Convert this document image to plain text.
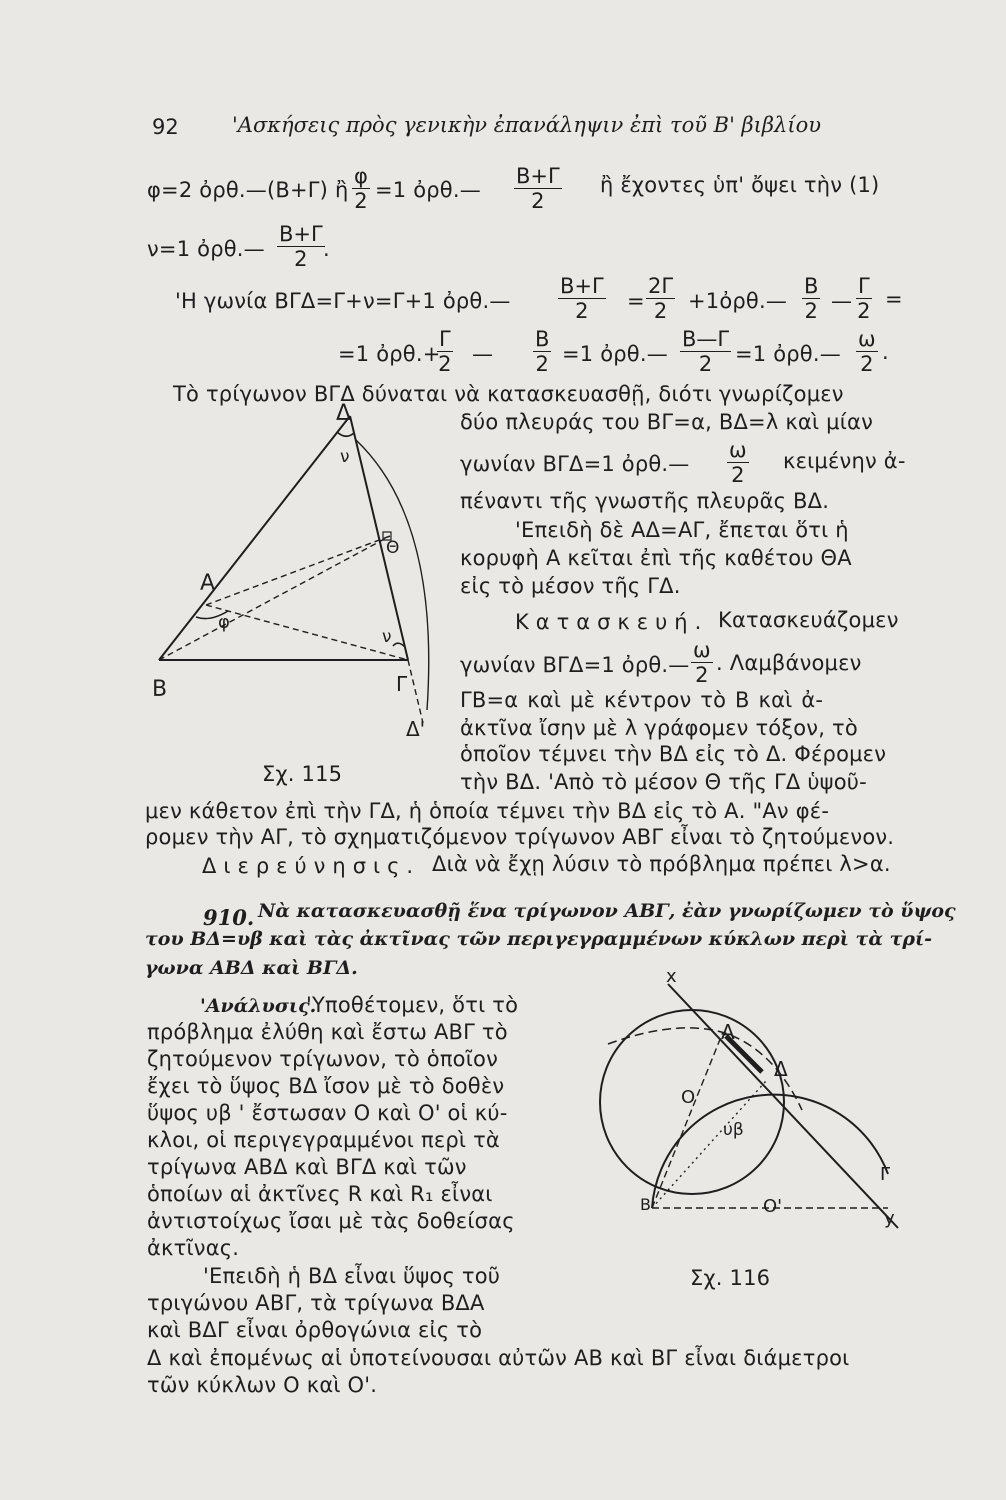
92	'Ασκήσεις πρὸς γενικὴν ἐπανάληψιν ἐπὶ τοῦ Β' βιβλίου
φ=2 ὀρθ.—(Β+Γ) ἢ $\frac{\varphi}{2} =1$ ὀρθ.— $\frac{B+\Gamma}{2}$ ἢ ἔχοντες ὑπ' ὄψει τὴν (1)
ν=1 ὀρθ.— $\frac{B+\Gamma}{2}$
.
'Η γωνία ΒΓΔ=Γ+ν=Γ+1 ὀρθ.— $\frac{B+\Gamma}{2} = \frac{2\Gamma}{2}$ +1ὀρθ.— $\frac{B}{2}$ — $\frac{\Gamma}{2}$ =
=1 ὀρθ.+
$\frac{\Gamma}{2}$ — $\frac{B}{2} =1$ ὀρθ.— $\frac{B—\Gamma}{2} =1$ ὀρθ.— $\frac{\omega}{2}$ .
Τὸ τρίγωνον ΒΓΔ δύναται νὰ κατασκευασθῇ, διότι γνωρίζομεν
δύο πλευράς του ΒΓ=α, ΒΔ=λ καὶ μίαν
γωνίαν ΒΓΔ=1 ὀρθ.— $\frac{\omega}{2}$ κειμένην ἀ-
πέναντι τῆς γνωστῆς πλευρᾶς ΒΔ.
'Επειδὴ δὲ ΑΔ=ΑΓ, ἔπεται ὅτι ἡ
κορυφὴ Α κεῖται ἐπὶ τῆς καθέτου ΘΑ
εἰς τὸ μέσον τῆς ΓΔ.
Κατασκευή. Κατασκευάζομεν
γωνίαν ΒΓΔ=1 ὀρθ.— $\frac{\omega}{2}$ . Λαμβάνομεν
ΓΒ=α καὶ μὲ κέντρον τὸ Β καὶ ἀ-
ἀκτῖνα ἴσην μὲ λ γράφομεν τόξον, τὸ
ὁποῖον τέμνει τὴν ΒΔ εἰς τὸ Δ. Φέρομεν
τὴν ΒΔ. 'Απὸ τὸ μέσον Θ τῆς ΓΔ ὑψοῦ-
μεν κάθετον ἐπὶ τὴν ΓΔ, ἡ ὁποία τέμνει τὴν ΒΔ εἰς τὸ Α. "Αν φέ-
ρομεν τὴν ΑΓ, τὸ σχηματιζόμενον τρίγωνον ΑΒΓ εἶναι τὸ ζητούμενον.
Διερεύνησις. Διὰ νὰ ἔχῃ λύσιν τὸ πρόβλημα πρέπει λ>α.
Δ
ν
Θ
Α
φ
ν
Β	Γ
Δ'
Σχ. 115
910. Νὰ κατασκευασθῇ ἕνα τρίγωνον ΑΒΓ, ἐὰν γνωρίζωμεν τὸ ὕψος
του ΒΔ=υβ καὶ τὰς ἀκτῖνας τῶν περιγεγραμμένων κύκλων περὶ τὰ τρί-
γωνα ΑΒΔ καὶ ΒΓΔ.
'Ανάλυσις.
'Υποθέτομεν, ὅτι τὸ
πρόβλημα ἐλύθη καὶ ἔστω ΑΒΓ τὸ
ζητούμενον τρίγωνον, τὸ ὁποῖον
ἔχει τὸ ὕψος ΒΔ ἴσον μὲ τὸ δοθὲν
ὕψος υβ ' ἔστωσαν Ο καὶ Ο' οἱ κύ-
κλοι, οἱ περιγεγραμμένοι περὶ τὰ
τρίγωνα ΑΒΔ καὶ ΒΓΔ καὶ τῶν
ὁποίων αἱ ἀκτῖνες R καὶ R₁ εἶναι
ἀντιστοίχως ἴσαι μὲ τὰς δοθείσας
ἀκτῖνας.
'Επειδὴ ἡ ΒΔ εἶναι ὕψος τοῦ
τριγώνου ΑΒΓ, τὰ τρίγωνα ΒΔΑ
καὶ ΒΔΓ εἶναι ὀρθογώνια εἰς τὸ
Δ καὶ ἐπομένως αἱ ὑποτείνουσαι αὐτῶν ΑΒ καὶ ΒΓ εἶναι διάμετροι
τῶν κύκλων Ο καὶ Ο'.
x
Α
Δ
Ο
υβ
Γ
Β	Ο'
y
Σχ. 116
